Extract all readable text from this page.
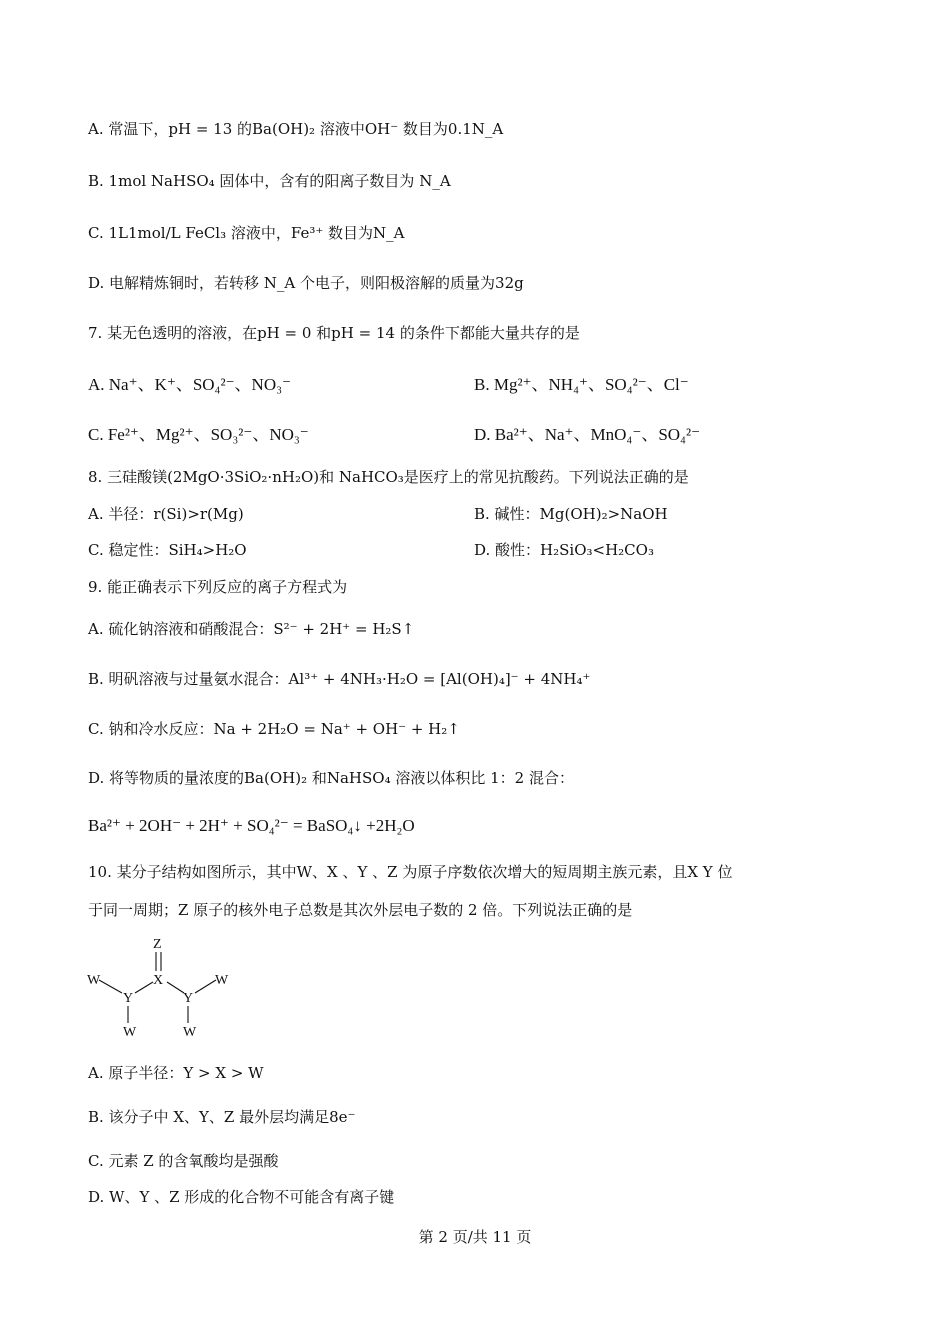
A. 常温下，pH = 13 的Ba(OH)₂ 溶液中OH⁻ 数目为0.1N_A
B. 1mol NaHSO₄ 固体中，含有的阳离子数目为 N_A
C. 1L1mol/L FeCl₃ 溶液中，Fe³⁺ 数目为N_A
D. 电解精炼铜时，若转移 N_A 个电子，则阳极溶解的质量为32g
7. 某无色透明的溶液，在pH = 0 和pH = 14 的条件下都能大量共存的是
A. Na⁺、K⁺、SO₄²⁻、NO₃⁻	B. Mg²⁺、NH₄⁺、SO₄²⁻、Cl⁻
C. Fe²⁺、Mg²⁺、SO₃²⁻、NO₃⁻	D. Ba²⁺、Na⁺、MnO₄⁻、SO₄²⁻
8. 三硅酸镁(2MgO·3SiO₂·nH₂O)和 NaHCO₃是医疗上的常见抗酸药。下列说法正确的是
A. 半径：r(Si)>r(Mg)	B. 碱性：Mg(OH)₂>NaOH
C. 稳定性：SiH₄>H₂O	D. 酸性：H₂SiO₃<H₂CO₃
9. 能正确表示下列反应的离子方程式为
A. 硫化钠溶液和硝酸混合：S²⁻ + 2H⁺ = H₂S↑
B. 明矾溶液与过量氨水混合：Al³⁺ + 4NH₃·H₂O = [Al(OH)₄]⁻ + 4NH₄⁺
C. 钠和冷水反应：Na + 2H₂O = Na⁺ + OH⁻ + H₂↑
D. 将等物质的量浓度的Ba(OH)₂ 和NaHSO₄ 溶液以体积比 1：2 混合：
Ba²⁺ + 2OH⁻ + 2H⁺ + SO₄²⁻ = BaSO₄↓ +2H₂O
10. 某分子结构如图所示，其中W、X 、Y 、Z 为原子序数依次增大的短周期主族元素，且X Y 位
于同一周期；Z 原子的核外电子总数是其次外层电子数的 2 倍。下列说法正确的是
Z
X
Y	Y
W	W
W	W
A. 原子半径：Y > X > W
B. 该分子中 X、Y、Z 最外层均满足8e⁻
C. 元素 Z 的含氧酸均是强酸
D. W、Y 、Z 形成的化合物不可能含有离子键
第 2 页/共 11 页
